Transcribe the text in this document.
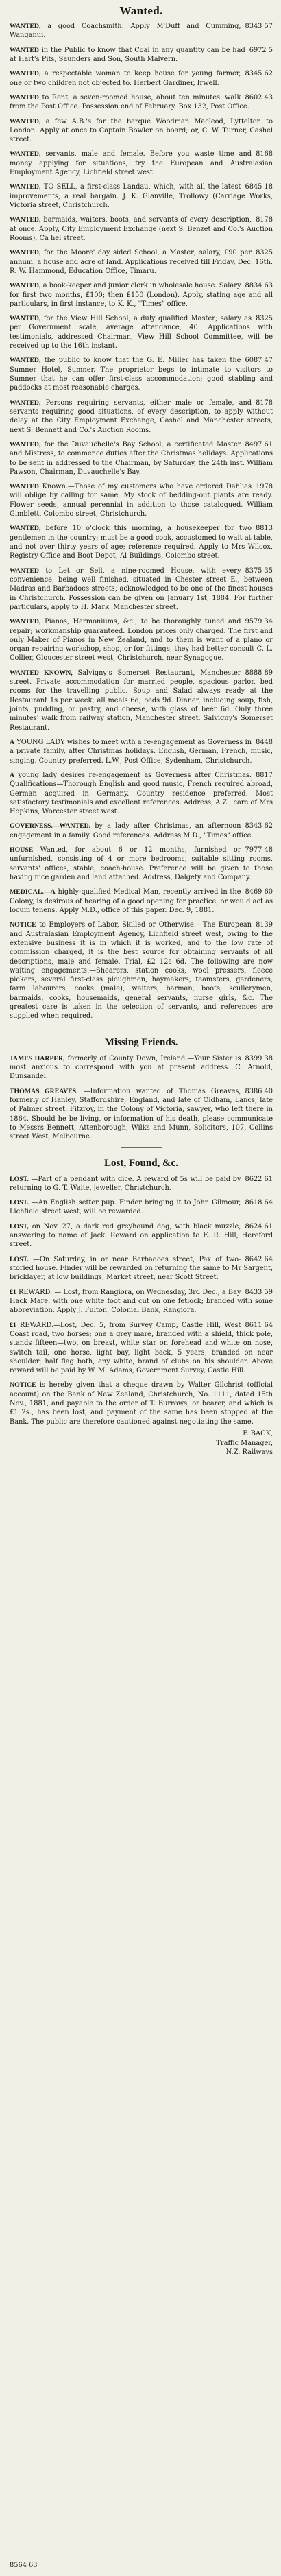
Wanted.
8343 57
WANTED, a good Coachsmith. Apply M'Duff and Cumming, Wanganui.
6972 5
WANTED in the Public to know that Coal in any quantity can be had at Hart's Pits, Saunders and Son, South Malvern.
8345 62
WANTED, a respectable woman to keep house for young farmer, one or two children not objected to. Herbert Gardiner, Irwell.
8602 43
WANTED to Rent, a seven-roomed house, about ten minutes' walk from the Post Office. Possession end of February. Box 132, Post Office.
WANTED, a few A.B.'s for the barque Woodman Macleod, Lyttelton to London. Apply at once to Captain Bowler on board; or, C. W. Turner, Cashel street.
8168
WANTED, servants, male and female. Before you waste time and money applying for situations, try the European and Australasian Employment Agency, Lichfield street west.
6845 18
WANTED, TO SELL, a first-class Landau, which, with all the latest improvements, a real bargain. J. K. Glanville, Trollowy (Carriage Works, Victoria street, Christchurch.
8178
WANTED, barmaids, waiters, boots, and servants of every description, at once. Apply, City Employment Exchange (next S. Benzet and Co.'s Auction Rooms), Ca hel street.
8325
WANTED, for the Moore' day sided School, a Master; salary, £90 per annum, a house and acre of land. Applications received till Friday, Dec. 16th. R. W. Hammond, Education Office, Timaru.
8834 63
WANTED, a book-keeper and junior clerk in wholesale house. Salary for first two months, £100; then £150 (London). Apply, stating age and all particulars, in first instance, to K. K., "Times" office.
8325
WANTED, for the View Hill School, a duly qualified Master; salary as per Government scale, average attendance, 40. Applications with testimonials, addressed Chairman, View Hill School Committee, will be received up to the 16th instant.
6087 47
WANTED, the public to know that the G. E. Miller has taken the Sumner Hotel, Sumner. The proprietor begs to intimate to visitors to Sumner that he can offer first-class accommodation; good stabling and paddocks at most reasonable charges.
8178
WANTED, Persons requiring servants, either male or female, and servants requiring good situations, of every description, to apply without delay at the City Employment Exchange, Cashel and Manchester streets, next S. Bennett and Co.'s Auction Rooms.
8497 61
WANTED, for the Duvauchelle's Bay School, a certificated Master and Mistress, to commence duties after the Christmas holidays. Applications to be sent in addressed to the Chairman, by Saturday, the 24th inst. William Pawson, Chairman, Duvauchelle's Bay.
1978
WANTED Known.—Those of my customers who have ordered Dahlias will oblige by calling for same. My stock of bedding-out plants are ready. Flower seeds, annual perennial in addition to those catalogued. William Gimblett, Colombo street, Christchurch.
8813
WANTED, before 10 o'clock this morning, a housekeeper for two gentlemen in the country; must be a good cook, accustomed to wait at table, and not over thirty years of age; reference required. Apply to Mrs Wilcox, Registry Office and Boot Depot, Al Buildings, Colombo street.
8375 35
WANTED to Let or Sell, a nine-roomed House, with every convenience, being well finished, situated in Chester street E., between Madras and Barbadoes streets; acknowledged to be one of the finest houses in Christchurch. Possession can be given on January 1st, 1884. For further particulars, apply to H. Mark, Manchester street.
9579 34
WANTED, Pianos, Harmoniums, &c., to be thoroughly tuned and repair; workmanship guaranteed. London prices only charged. The first and only Maker of Pianos in New Zealand, and to them is want of a piano or organ repairing workshop, shop, or for fittings, they had better consult C. L. Collier, Gloucester street west, Christchurch, near Synagogue.
8888 89
WANTED KNOWN, Salvigny's Somerset Restaurant, Manchester street. Private accommodation for married people, spacious parlor, bed rooms for the travelling public. Soup and Salad always ready at the Restaurant 1s per week; all meals 6d, beds 9d. Dinner, including soup, fish, joints, pudding, or pastry, and cheese, with glass of beer 6d. Only three minutes' walk from railway station, Manchester street. Salvigny's Somerset Restaurant.
8448
A YOUNG LADY wishes to meet with a re-engagement as Governess in a private family, after Christmas holidays. English, German, French, music, singing. Country preferred. L.W., Post Office, Sydenham, Christchurch.
8817
A young lady desires re-engagement as Governess after Christmas. Qualifications—Thorough English and good music, French required abroad, German acquired in Germany. Country residence preferred. Most satisfactory testimonials and excellent references. Address, A.Z., care of Mrs Hopkins, Worcester street west.
8343 62
GOVERNESS.—WANTED, by a lady after Christmas, an afternoon engagement in a family. Good references. Address M.D., "Times" office.
7977 48
HOUSE Wanted, for about 6 or 12 months, furnished or unfurnished, consisting of 4 or more bedrooms, suitable sitting rooms, servants' offices, stable, coach-house. Preference will be given to those having nice garden and land attached. Address, Dalgety and Company.
8469 60
MEDICAL.—A highly-qualified Medical Man, recently arrived in the Colony, is desirous of hearing of a good opening for practice, or would act as locum tenens. Apply M.D., office of this paper. Dec. 9, 1881.
8139
NOTICE to Employers of Labor, Skilled or Otherwise.—The European and Australasian Employment Agency, Lichfield street west, owing to the extensive business it is in which it is worked, and to the low rate of commission charged, it is the best source for obtaining servants of all descriptions, male and female. Trial, £2 12s 6d. The following are now waiting engagements:—Shearers, station cooks, wool pressers, fleece pickers, several first-class ploughmen, haymakers, teamsters, gardeners, farm labourers, cooks (male), waiters, barman, boots, scullerymen, barmaids, cooks, housemaids, general servants, nurse girls, &c. The greatest care is taken in the selection of servants, and references are supplied when required.
Missing Friends.
8399 38
JAMES HARPER, formerly of County Down, Ireland.—Your Sister is most anxious to correspond with you at present address. C. Arnold, Dunsandel.
8386 40
THOMAS GREAVES. —Information wanted of Thomas Greaves, formerly of Hanley, Staffordshire, England, and late of Oldham, Lancs, late of Palmer street, Fitzroy, in the Colony of Victoria, sawyer, who left there in 1864. Should he be living, or information of his death, please communicate to Messrs Bennett, Attenborough, Wilks and Munn, Solicitors, 107, Collins street West, Melbourne.
Lost, Found, &c.
8622 61
LOST. —Part of a pendant with dice. A reward of 5s will be paid by returning to G. T. Waite, jeweller, Christchurch.
8618 64
LOST. —An English setter pup. Finder bringing it to John Gilmour, Lichfield street west, will be rewarded.
8624 61
LOST, on Nov. 27, a dark red greyhound dog, with black muzzle, answering to name of Jack. Reward on application to E. R. Hill, Hereford street.
8642 64
LOST. —On Saturday, in or near Barbadoes street, Pax of two-storied house. Finder will be rewarded on returning the same to Mr Sargent, bricklayer, at low buildings, Market street, near Scott Street.
8433 59
£1 REWARD. — Lost, from Rangiora, on Wednesday, 3rd Dec., a Bay Hack Mare, with one white foot and cut on one fetlock; branded with some abbreviation. Apply J. Fulton, Colonial Bank, Rangiora.
8611 64
£1 REWARD.—Lost, Dec. 5, from Survey Camp, Castle Hill, West Coast road, two horses; one a grey mare, branded with a shield, thick pole, stands fifteen—two, on breast, white star on forehead and white on nose, switch tail, one horse, light bay, light back, 5 years, branded on near shoulder; half flag both, any white, brand of clubs on his shoulder. Above reward will be paid by W. M. Adams, Government Survey, Castle Hill.
NOTICE is hereby given that a cheque drawn by Walter Gilchrist (official account) on the Bank of New Zealand, Christchurch, No. 1111, dated 15th Nov., 1881, and payable to the order of T. Burrows, or bearer, and which is £1 2s., has been lost, and payment of the same has been stopped at the Bank. The public are therefore cautioned against negotiating the same.
F. BACK,
Traffic Manager,
N.Z. Railways
8564 63
